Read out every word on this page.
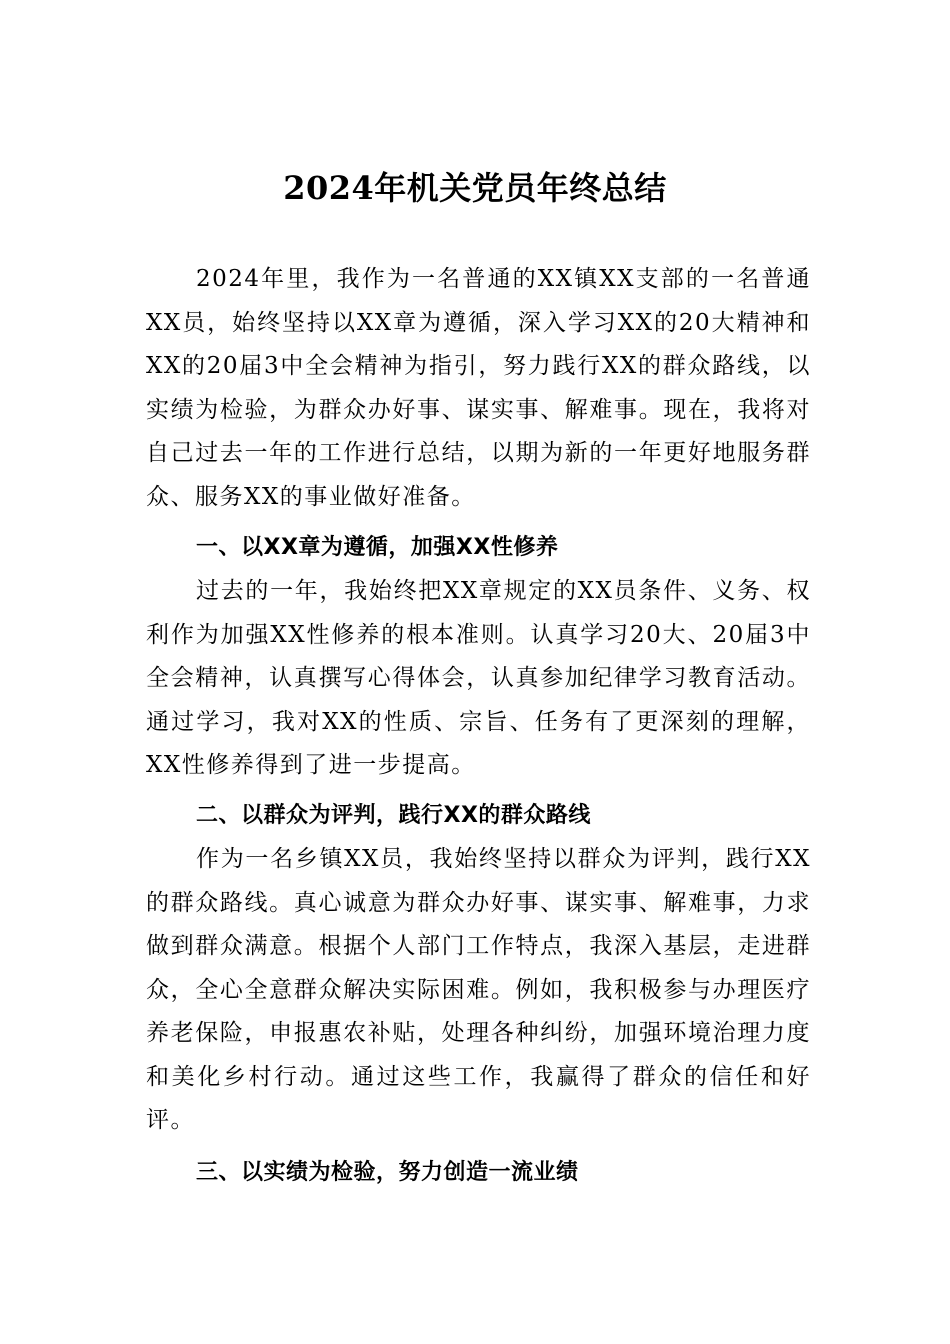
2024年机关党员年终总结

2024年里，我作为一名普通的XX镇XX支部的一名普通XX员，始终坚持以XX章为遵循，深入学习XX的20大精神和XX的20届3中全会精神为指引，努力践行XX的群众路线，以实绩为检验，为群众办好事、谋实事、解难事。现在，我将对自己过去一年的工作进行总结，以期为新的一年更好地服务群众、服务XX的事业做好准备。

一、以XX章为遵循，加强XX性修养

过去的一年，我始终把XX章规定的XX员条件、义务、权利作为加强XX性修养的根本准则。认真学习20大、20届3中全会精神，认真撰写心得体会，认真参加纪律学习教育活动。通过学习，我对XX的性质、宗旨、任务有了更深刻的理解，XX性修养得到了进一步提高。

二、以群众为评判，践行XX的群众路线

作为一名乡镇XX员，我始终坚持以群众为评判，践行XX的群众路线。真心诚意为群众办好事、谋实事、解难事，力求做到群众满意。根据个人部门工作特点，我深入基层，走进群众，全心全意群众解决实际困难。例如，我积极参与办理医疗养老保险，申报惠农补贴，处理各种纠纷，加强环境治理力度和美化乡村行动。通过这些工作，我赢得了群众的信任和好评。

三、以实绩为检验，努力创造一流业绩
